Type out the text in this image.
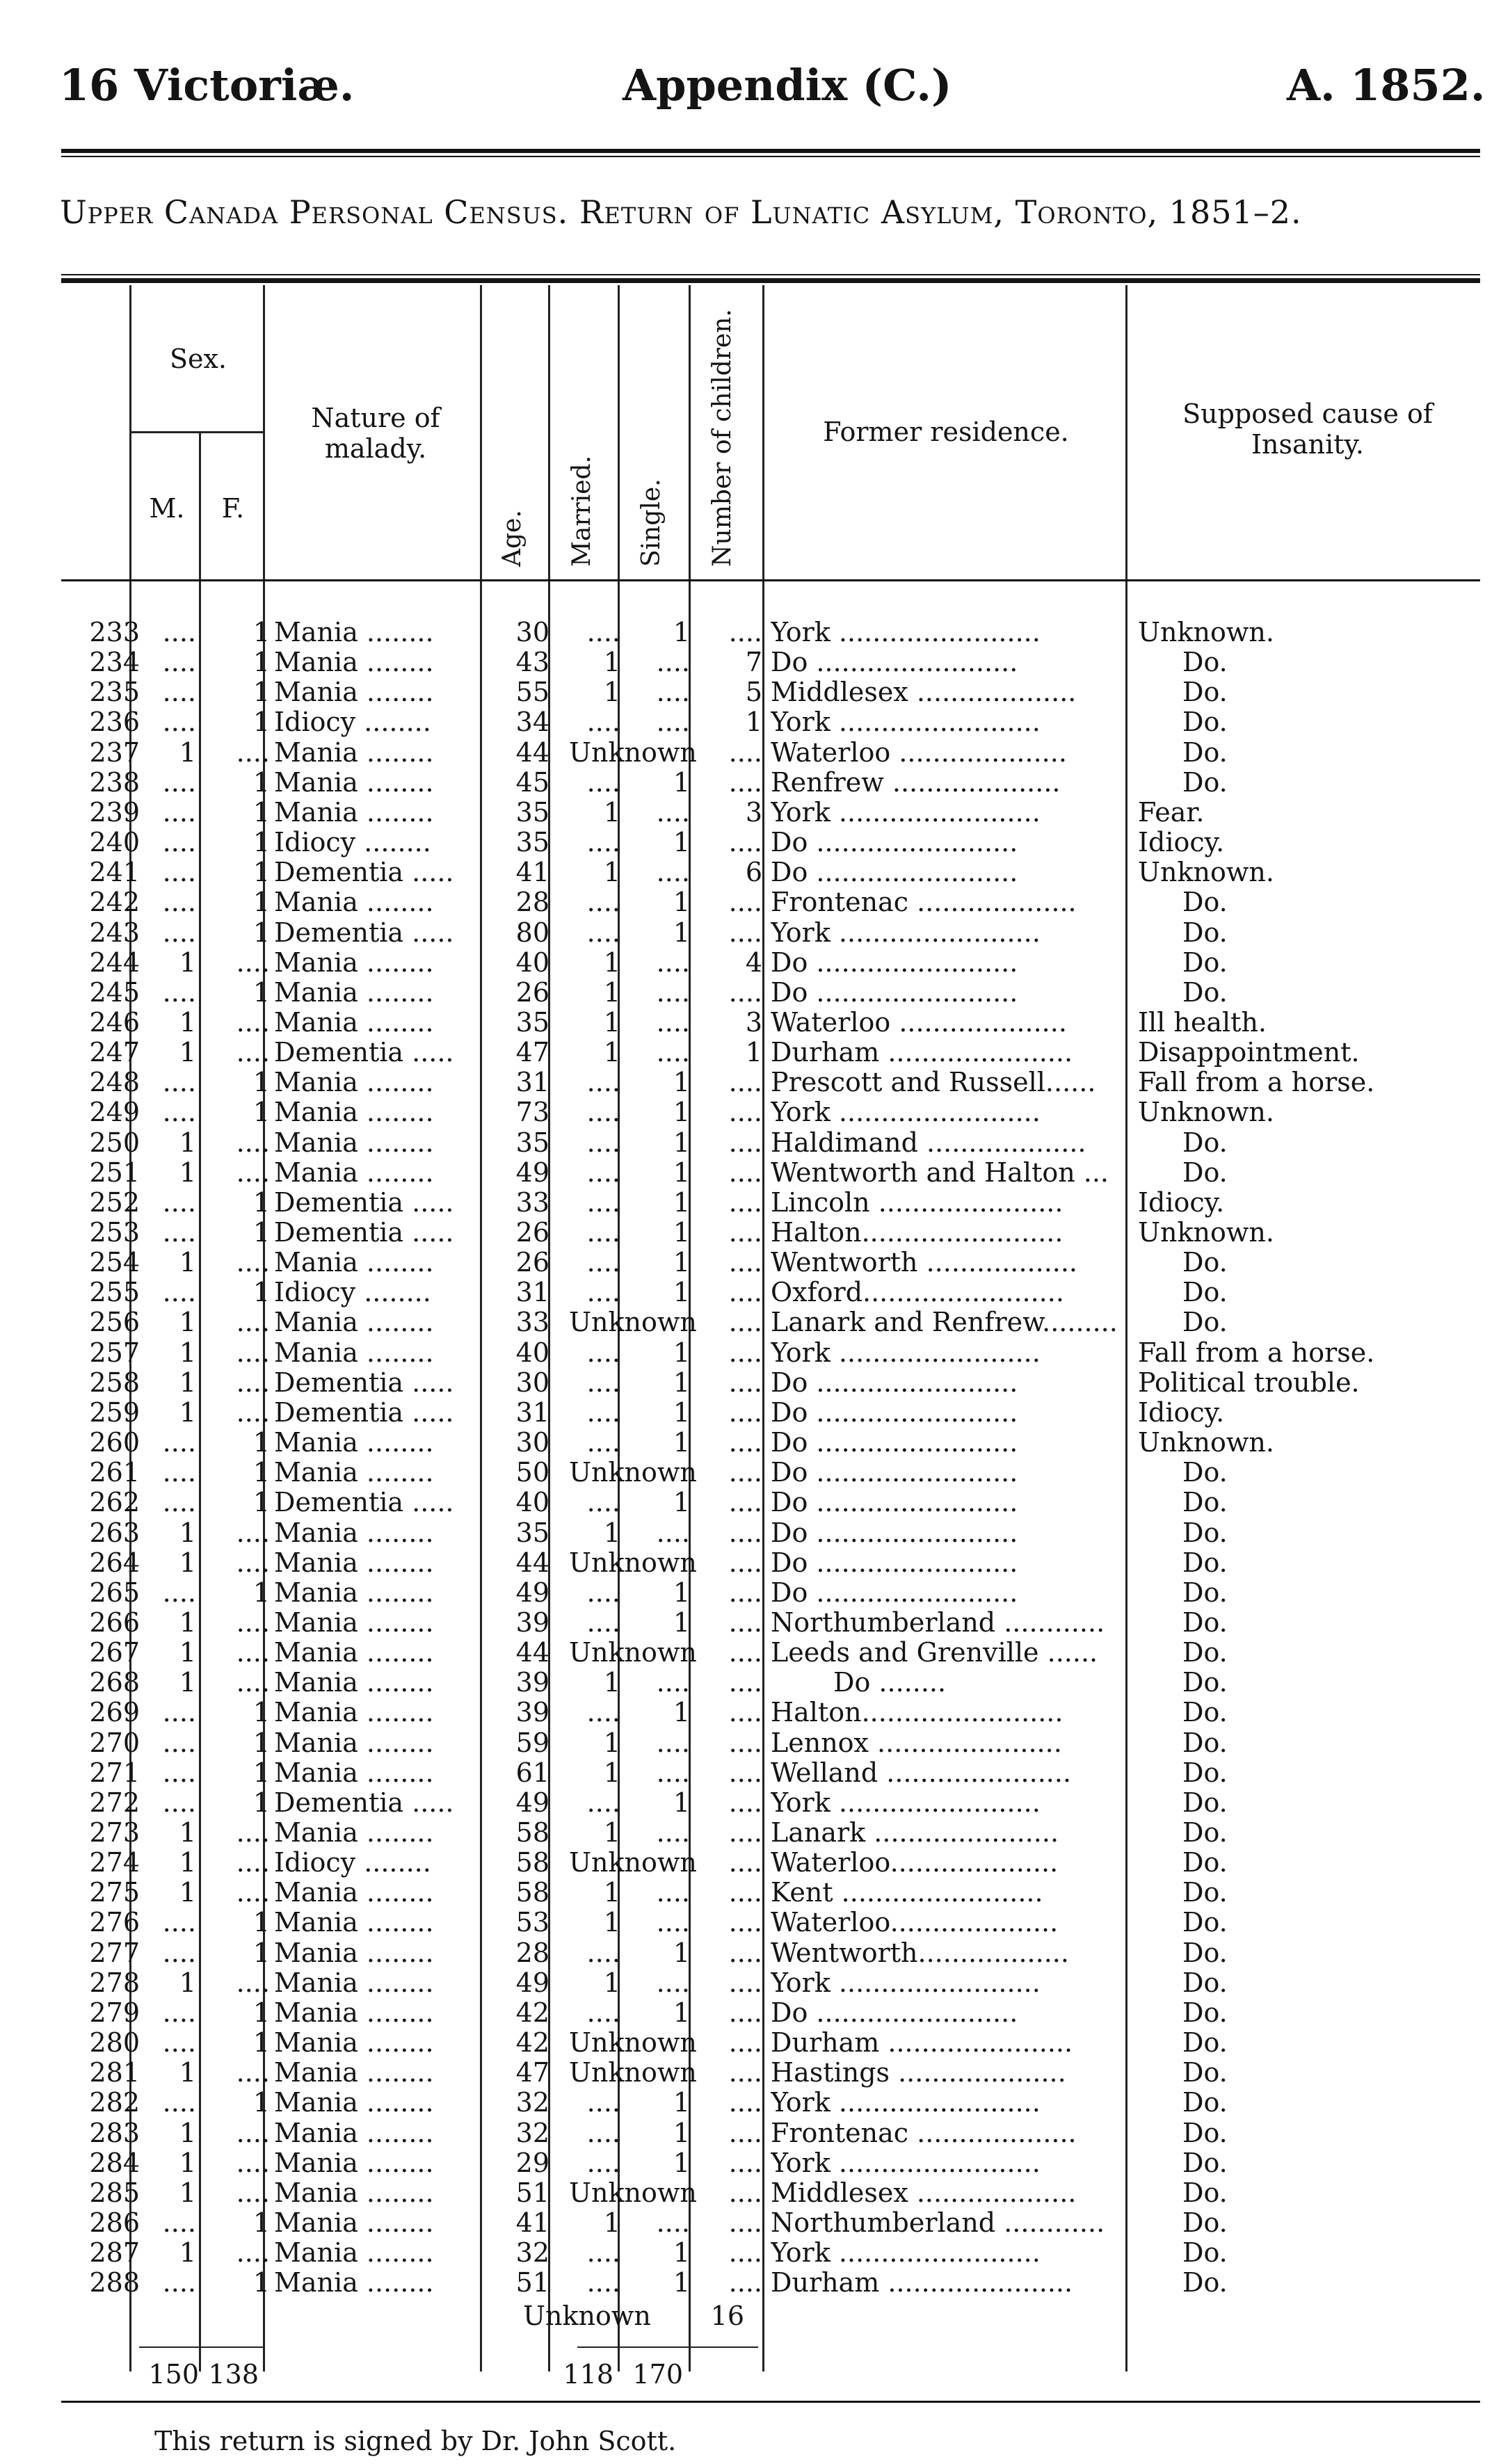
16 Victoriæ.	Appendix (C.)	A. 1852.
Upper Canada Personal Census. Return of Lunatic Asylum, Toronto, 1851–2.
Sex.
M.	F.
Nature of malady.
Age. Married. Single. Number of children.	Former residence.
Supposed cause of Insanity.
233 ....	1 Mania ........	30	....	1	.... York ........................	Unknown.
234 ....	1 Mania ........	43	1	....	7 Do ........................	Do.
235 ....	1 Mania ........	55	1	....	5 Middlesex ...................	Do.
236 ....	1 Idiocy ........	34	....	....	1 York ........................	Do.
237	1	.... Mania ........	44 Unknown	.... Waterloo ....................	Do.
238 ....	1 Mania ........	45	....	1	.... Renfrew ....................	Do.
239 ....	1 Mania ........	35	1	....	3 York ........................	Fear.
240 ....	1 Idiocy ........	35	....	1	.... Do ........................	Idiocy.
241 ....	1 Dementia .....	41	1	....	6 Do ........................	Unknown.
242 ....	1 Mania ........	28	....	1	.... Frontenac ...................	Do.
243 ....	1 Dementia .....	80	....	1	.... York ........................	Do.
244	1	.... Mania ........	40	1	....	4 Do ........................	Do.
245 ....	1 Mania ........	26	1	....	.... Do ........................	Do.
246	1	.... Mania ........	35	1	....	3 Waterloo ....................	Ill health.
247	1	.... Dementia .....	47	1	....	1 Durham ......................	Disappointment.
248 ....	1 Mania ........	31	....	1	.... Prescott and Russell......	Fall from a horse.
249 ....	1 Mania ........	73	....	1	.... York ........................	Unknown.
250	1	.... Mania ........	35	....	1	.... Haldimand ...................	Do.
251	1	.... Mania ........	49	....	1	.... Wentworth and Halton ...	Do.
252 ....	1 Dementia .....	33	....	1	.... Lincoln ......................	Idiocy.
253 ....	1 Dementia .....	26	....	1	.... Halton........................	Unknown.
254	1	.... Mania ........	26	....	1	.... Wentworth ..................	Do.
255 ....	1 Idiocy ........	31	....	1	.... Oxford........................	Do.
256	1	.... Mania ........	33 Unknown	.... Lanark and Renfrew.........	Do.
257	1	.... Mania ........	40	....	1	.... York ........................	Fall from a horse.
258	1	.... Dementia .....	30	....	1	.... Do ........................	Political trouble.
259	1	.... Dementia .....	31	....	1	.... Do ........................	Idiocy.
260 ....	1 Mania ........	30	....	1	.... Do ........................	Unknown.
261 ....	1 Mania ........	50 Unknown	.... Do ........................	Do.
262 ....	1 Dementia .....	40	....	1	.... Do ........................	Do.
263	1	.... Mania ........	35	1	....	.... Do ........................	Do.
264	1	.... Mania ........	44 Unknown	.... Do ........................	Do.
265 ....	1 Mania ........	49	....	1	.... Do ........................	Do.
266	1	.... Mania ........	39	....	1	.... Northumberland ............	Do.
267	1	.... Mania ........	44 Unknown	.... Leeds and Grenville ......	Do.
268	1	.... Mania ........	39	1	....	....	Do ........	Do.
269 ....	1 Mania ........	39	....	1	.... Halton........................	Do.
270 ....	1 Mania ........	59	1	....	.... Lennox ......................	Do.
271 ....	1 Mania ........	61	1	....	.... Welland ......................	Do.
272 ....	1 Dementia .....	49	....	1	.... York ........................	Do.
273	1	.... Mania ........	58	1	....	.... Lanark ......................	Do.
274	1	.... Idiocy ........	58 Unknown	.... Waterloo....................	Do.
275	1	.... Mania ........	58	1	....	.... Kent ........................	Do.
276 ....	1 Mania ........	53	1	....	.... Waterloo....................	Do.
277 ....	1 Mania ........	28	....	1	.... Wentworth..................	Do.
278	1	.... Mania ........	49	1	....	.... York ........................	Do.
279 ....	1 Mania ........	42	....	1	.... Do ........................	Do.
280 ....	1 Mania ........	42 Unknown	.... Durham ......................	Do.
281	1	.... Mania ........	47 Unknown	.... Hastings ....................	Do.
282 ....	1 Mania ........	32	....	1	.... York ........................	Do.
283	1	.... Mania ........	32	....	1	.... Frontenac ...................	Do.
284	1	.... Mania ........	29	....	1	.... York ........................	Do.
285	1	.... Mania ........	51 Unknown	.... Middlesex ...................	Do.
286 ....	1 Mania ........	41	1	....	.... Northumberland ............	Do.
287	1	.... Mania ........	32	....	1	.... York ........................	Do.
288 ....	1 Mania ........	51	....	1	.... Durham ......................	Do.
Unknown	16
150 138	118 170
This return is signed by Dr. John Scott.
